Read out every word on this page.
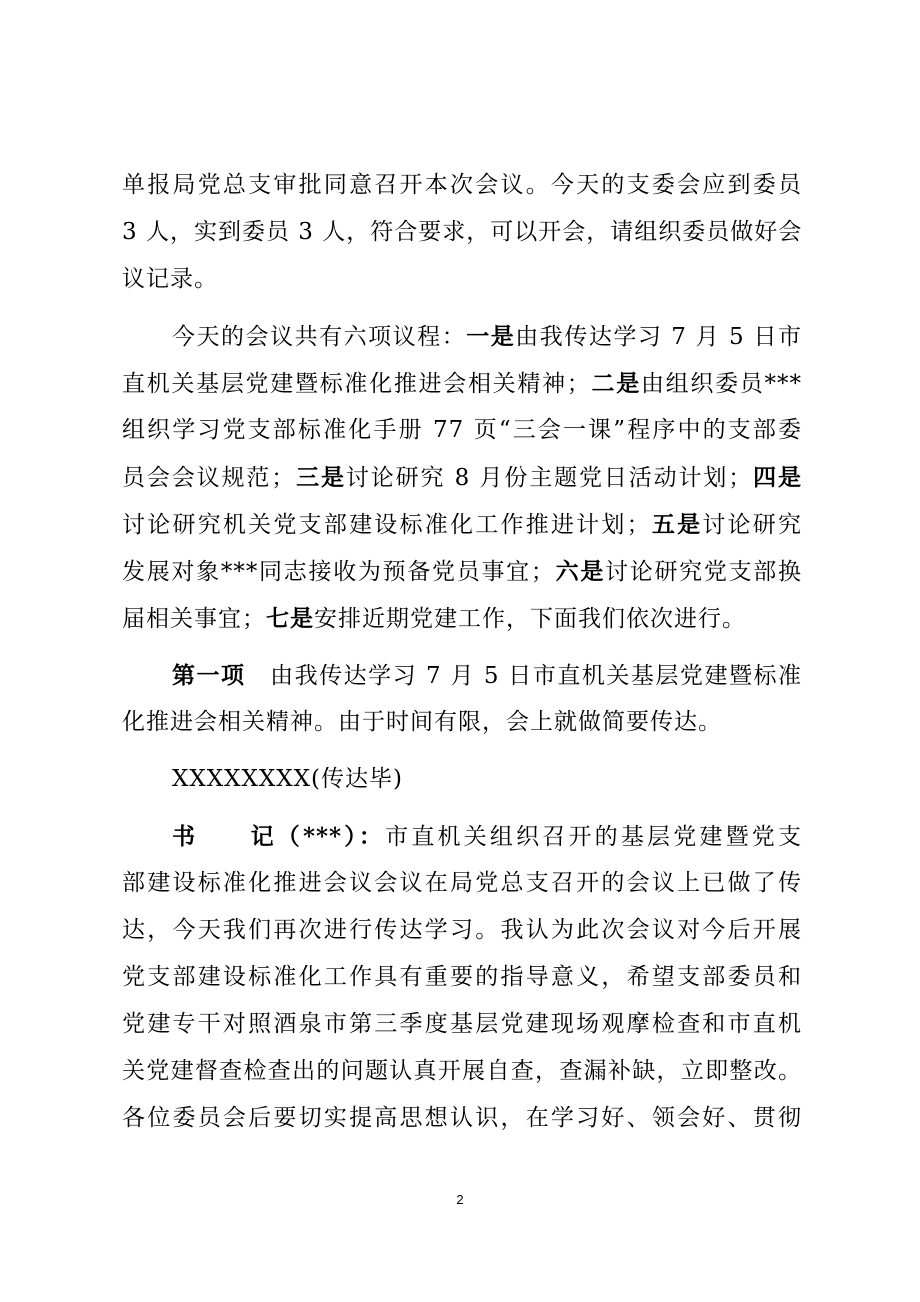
单报局党总支审批同意召开本次会议。今天的支委会应到委员
3 人，实到委员 3 人，符合要求，可以开会，请组织委员做好会
议记录。
今天的会议共有六项议程：一是由我传达学习 7 月 5 日市
直机关基层党建暨标准化推进会相关精神；二是由组织委员***
组织学习党支部标准化手册 77 页“三会一课”程序中的支部委
员会会议规范；三是讨论研究 8 月份主题党日活动计划；四是
讨论研究机关党支部建设标准化工作推进计划；五是讨论研究
发展对象***同志接收为预备党员事宜；六是讨论研究党支部换
届相关事宜；七是安排近期党建工作，下面我们依次进行。
第一项　由我传达学习 7 月 5 日市直机关基层党建暨标准
化推进会相关精神。由于时间有限，会上就做简要传达。
XXXXXXXX(传达毕)
书　　记（***）：市直机关组织召开的基层党建暨党支
部建设标准化推进会议会议在局党总支召开的会议上已做了传
达，今天我们再次进行传达学习。我认为此次会议对今后开展
党支部建设标准化工作具有重要的指导意义，希望支部委员和
党建专干对照酒泉市第三季度基层党建现场观摩检查和市直机
关党建督查检查出的问题认真开展自查，查漏补缺，立即整改。
各位委员会后要切实提高思想认识，在学习好、领会好、贯彻
2
